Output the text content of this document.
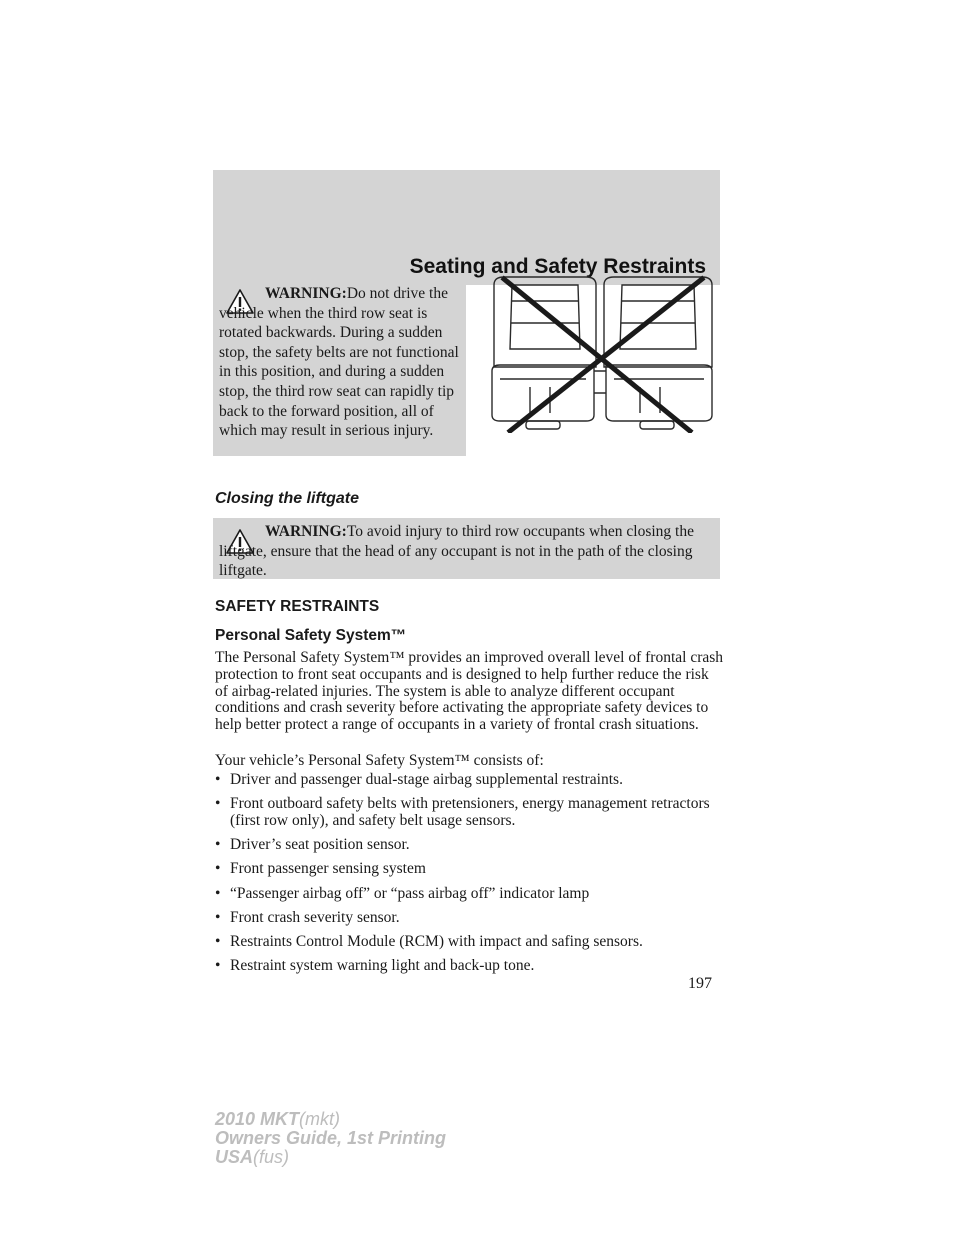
Seating and Safety Restraints
WARNING:Do not drive the vehicle when the third row seat is rotated backwards. During a sudden stop, the safety belts are not functional in this position, and during a sudden stop, the third row seat can rapidly tip back to the forward position, all of which may result in serious injury.
Closing the liftgate
WARNING:To avoid injury to third row occupants when closing the liftgate, ensure that the head of any occupant is not in the path of the closing liftgate.
SAFETY RESTRAINTS
Personal Safety System™
The Personal Safety System™ provides an improved overall level of frontal crash protection to front seat occupants and is designed to help further reduce the risk of airbag-related injuries. The system is able to analyze different occupant conditions and crash severity before activating the appropriate safety devices to help better protect a range of occupants in a variety of frontal crash situations.
Your vehicle’s Personal Safety System™ consists of:
• Driver and passenger dual-stage airbag supplemental restraints.
• Front outboard safety belts with pretensioners, energy management retractors (first row only), and safety belt usage sensors.
• Driver’s seat position sensor.
• Front passenger sensing system
• “Passenger airbag off” or “pass airbag off” indicator lamp
• Front crash severity sensor.
• Restraints Control Module (RCM) with impact and safing sensors.
• Restraint system warning light and back-up tone.
197
2010 MKT(mkt)
Owners Guide, 1st Printing
USA(fus)
